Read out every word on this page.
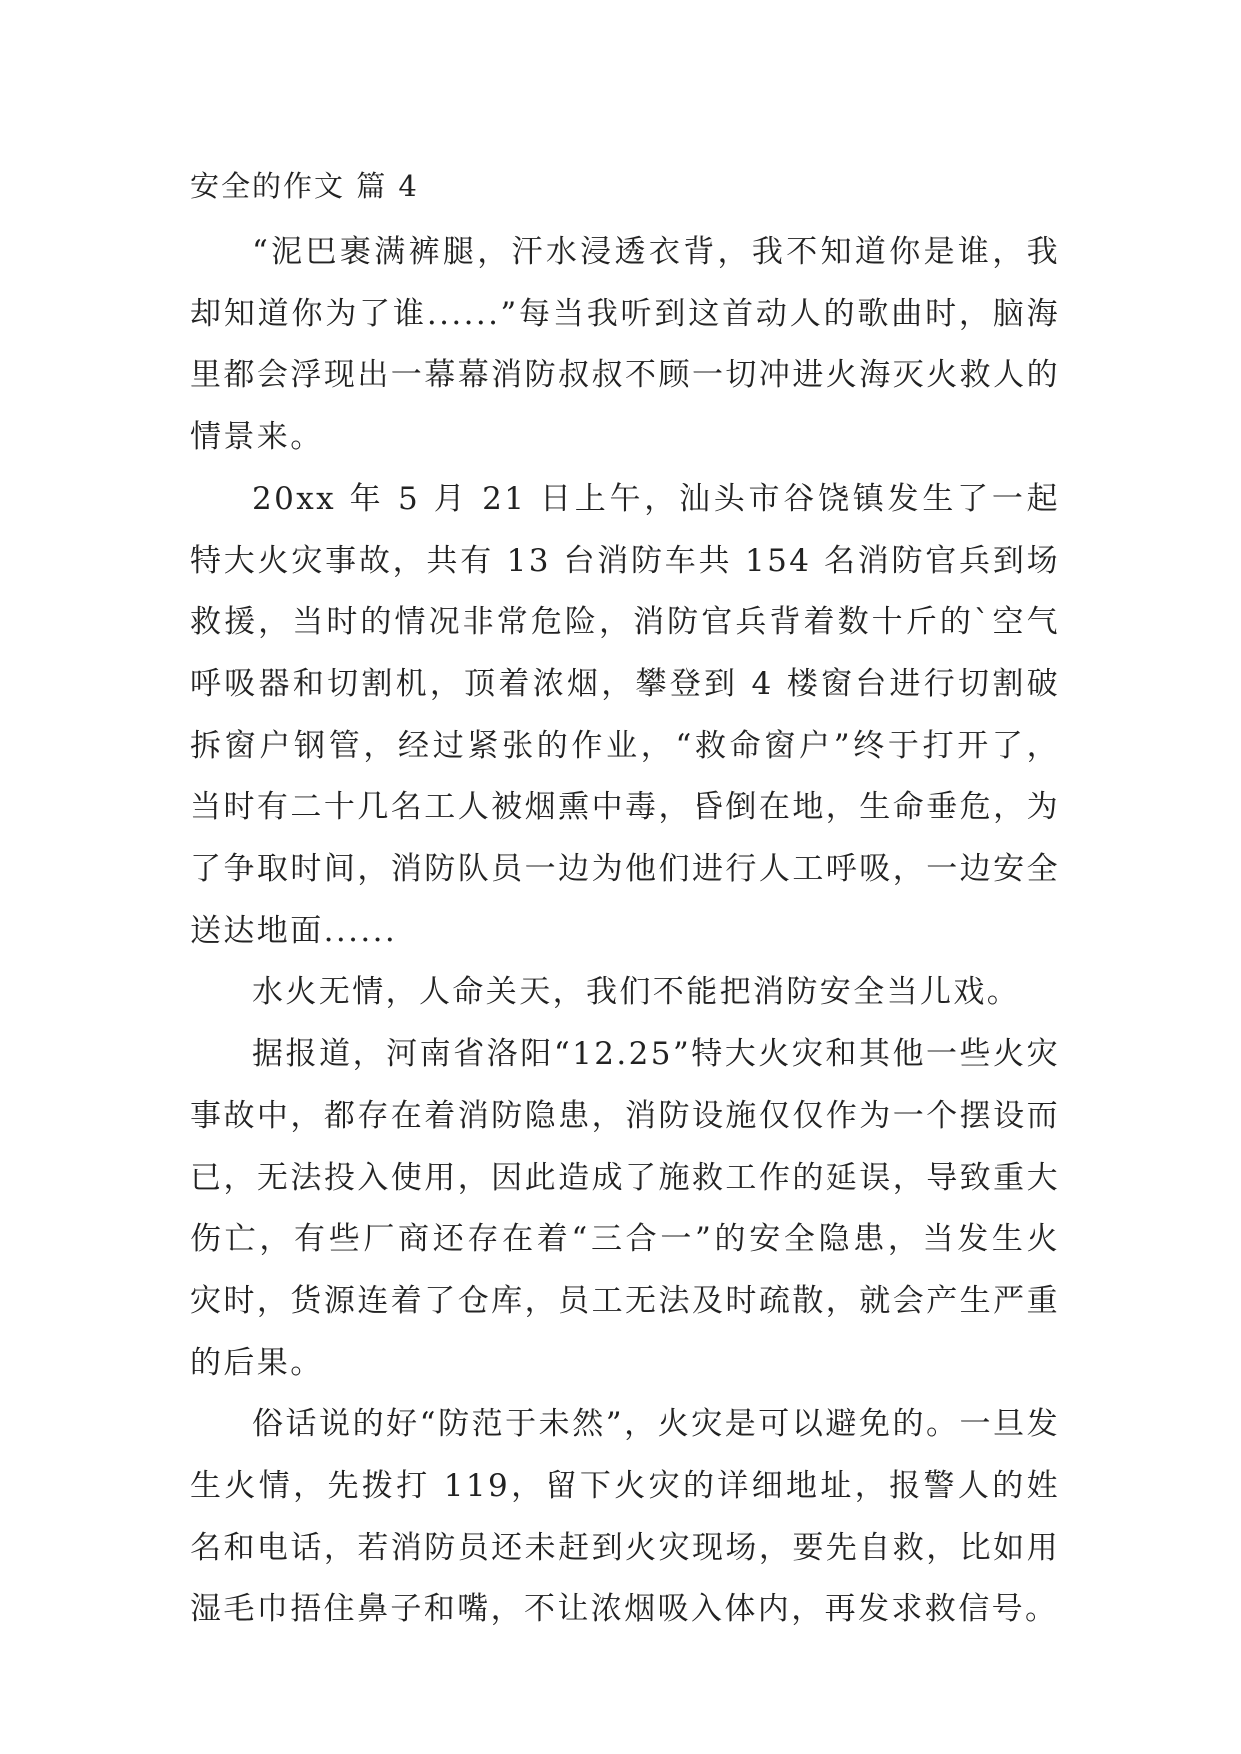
安全的作文 篇 4

“泥巴裹满裤腿，汗水浸透衣背，我不知道你是谁，我却知道你为了谁......”每当我听到这首动人的歌曲时，脑海里都会浮现出一幕幕消防叔叔不顾一切冲进火海灭火救人的情景来。

20xx 年 5 月 21 日上午，汕头市谷饶镇发生了一起特大火灾事故，共有 13 台消防车共 154 名消防官兵到场救援，当时的情况非常危险，消防官兵背着数十斤的`空气呼吸器和切割机，顶着浓烟，攀登到 4 楼窗台进行切割破拆窗户钢管，经过紧张的作业，“救命窗户”终于打开了，当时有二十几名工人被烟熏中毒，昏倒在地，生命垂危，为了争取时间，消防队员一边为他们进行人工呼吸，一边安全送达地面......

水火无情，人命关天，我们不能把消防安全当儿戏。

据报道，河南省洛阳“12.25”特大火灾和其他一些火灾事故中，都存在着消防隐患，消防设施仅仅作为一个摆设而已，无法投入使用，因此造成了施救工作的延误，导致重大伤亡，有些厂商还存在着“三合一”的安全隐患，当发生火灾时，货源连着了仓库，员工无法及时疏散，就会产生严重的后果。

俗话说的好“防范于未然”，火灾是可以避免的。一旦发生火情，先拨打 119，留下火灾的详细地址，报警人的姓名和电话，若消防员还未赶到火灾现场，要先自救，比如用湿毛巾捂住鼻子和嘴，不让浓烟吸入体内，再发求救信号。
